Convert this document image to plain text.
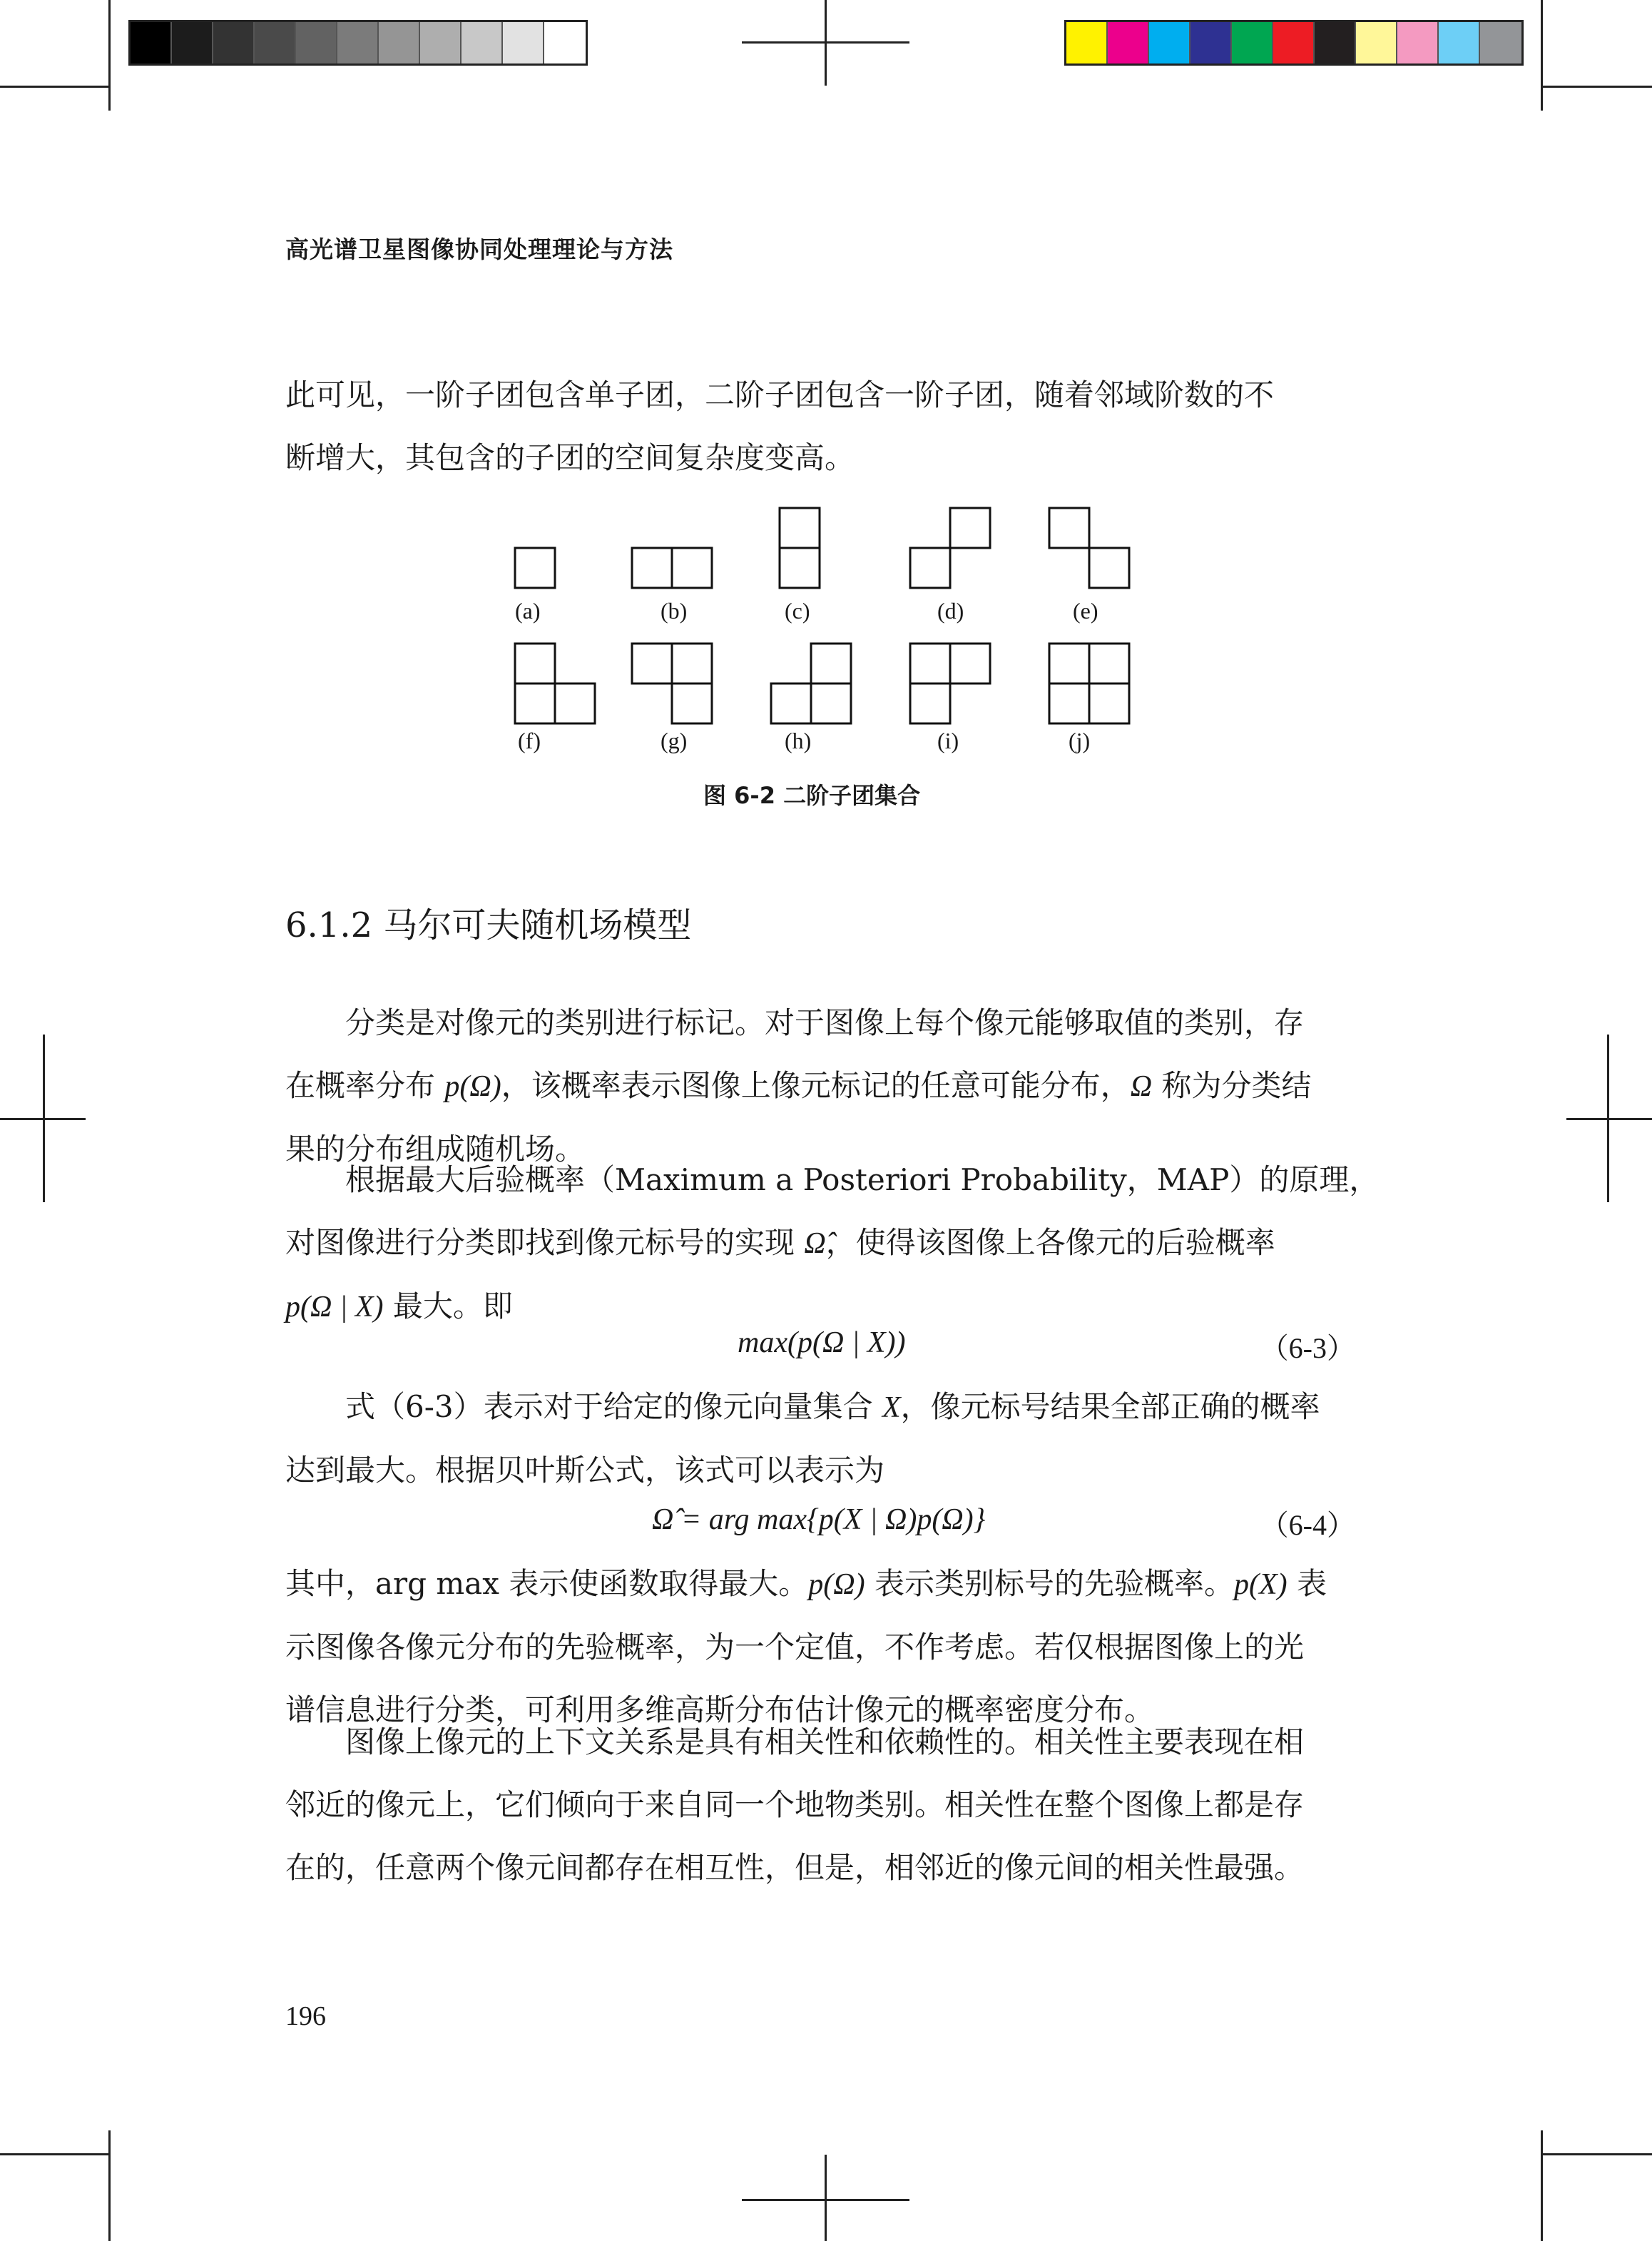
高光谱卫星图像协同处理理论与方法
此可见，一阶子团包含单子团，二阶子团包含一阶子团，随着邻域阶数的不
断增大，其包含的子团的空间复杂度变高。
(a)	(b)	(c)	(d)	(e)
(f)	(g)	(h)	(i)	(j)
图 6-2 二阶子团集合
6.1.2 马尔可夫随机场模型
分类是对像元的类别进行标记。对于图像上每个像元能够取值的类别，存
在概率分布 p(Ω)，该概率表示图像上像元标记的任意可能分布，Ω 称为分类结
果的分布组成随机场。
根据最大后验概率（Maximum a Posteriori Probability，MAP）的原理，
对图像进行分类即找到像元标号的实现 Ω̂，使得该图像上各像元的后验概率
p(Ω | X) 最大。即
max(p(Ω | X))	（6-3）
式（6-3）表示对于给定的像元向量集合 X，像元标号结果全部正确的概率
达到最大。根据贝叶斯公式，该式可以表示为
Ω̂ = arg max{p(X | Ω)p(Ω)}	（6-4）
其中，arg max 表示使函数取得最大。p(Ω) 表示类别标号的先验概率。p(X) 表
示图像各像元分布的先验概率，为一个定值，不作考虑。若仅根据图像上的光
谱信息进行分类，可利用多维高斯分布估计像元的概率密度分布。
图像上像元的上下文关系是具有相关性和依赖性的。相关性主要表现在相
邻近的像元上，它们倾向于来自同一个地物类别。相关性在整个图像上都是存
在的，任意两个像元间都存在相互性，但是，相邻近的像元间的相关性最强。
196
